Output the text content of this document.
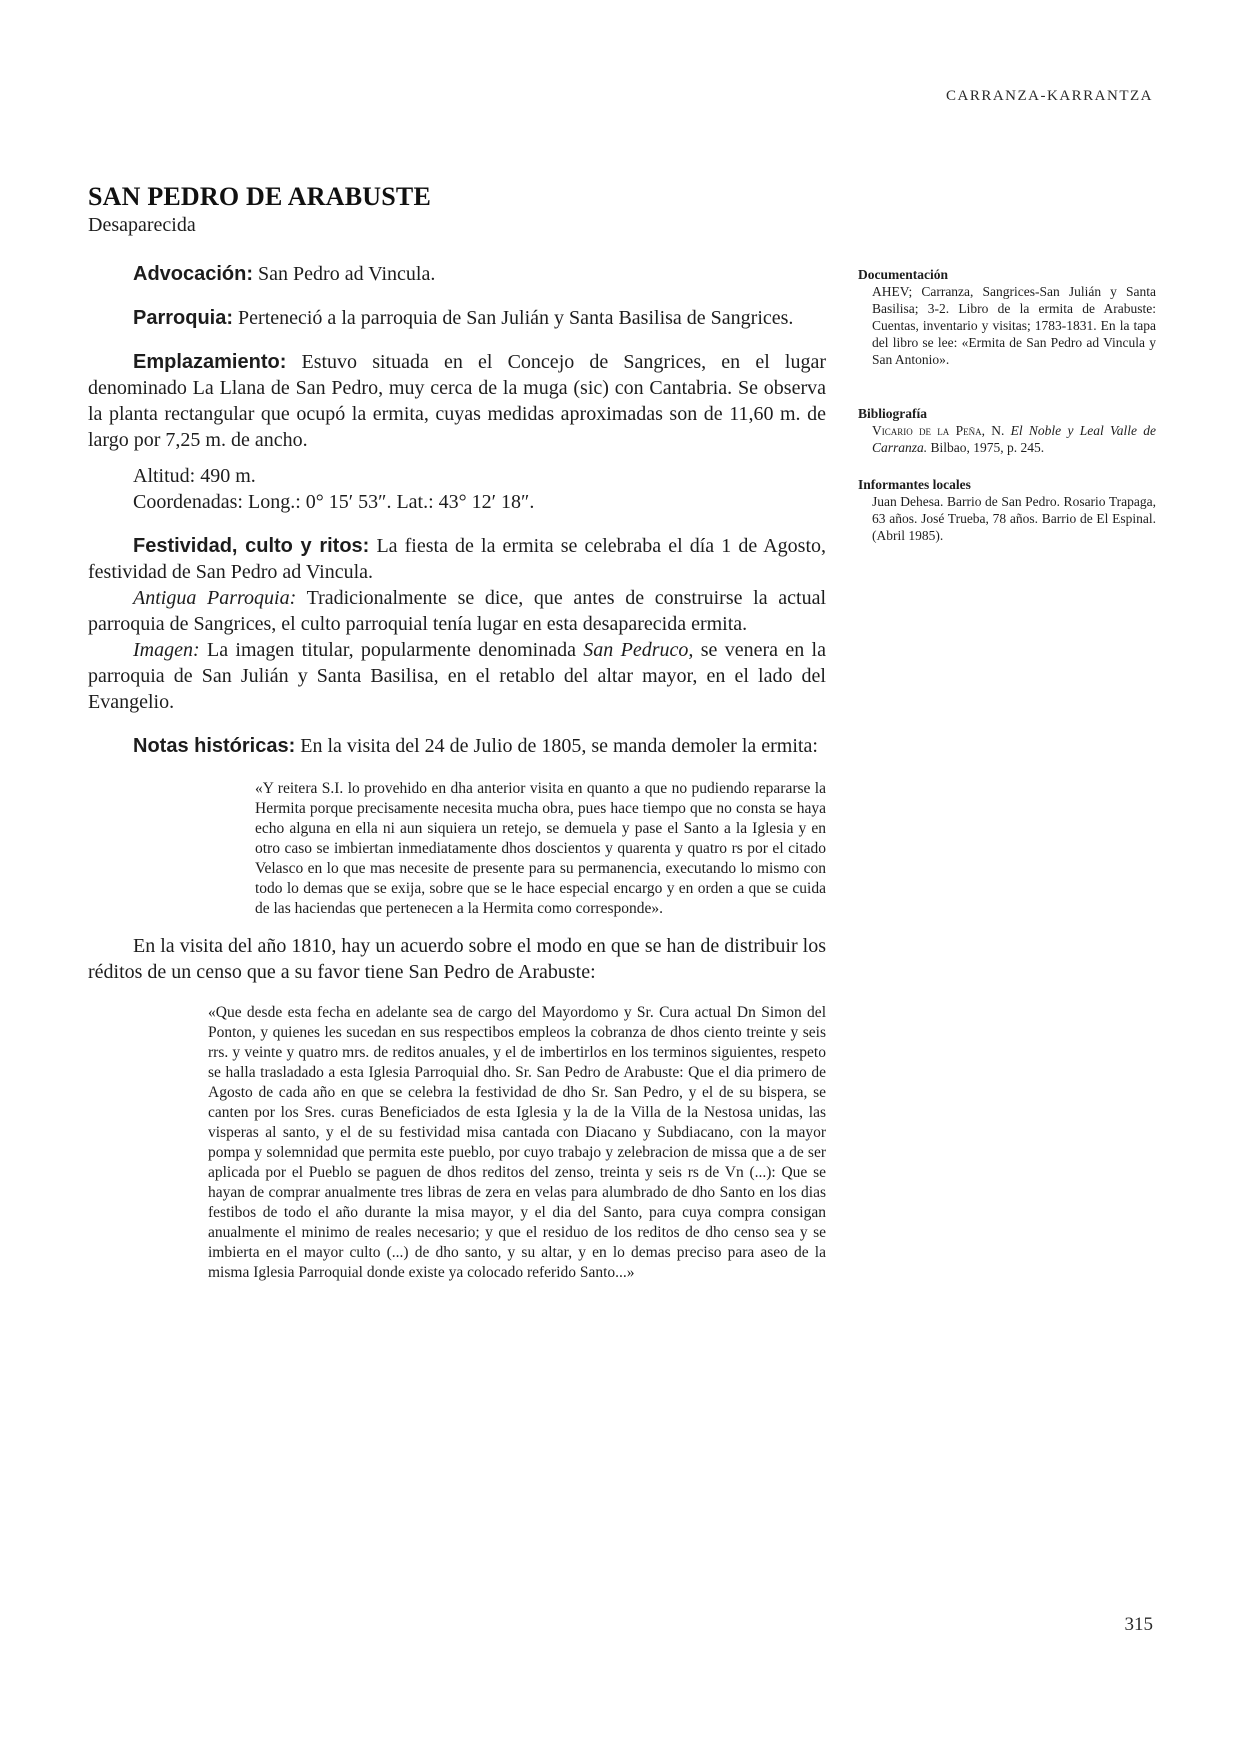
CARRANZA-KARRANTZA
SAN PEDRO DE ARABUSTE
Desaparecida

Advocación: San Pedro ad Vincula.

Parroquia: Perteneció a la parroquia de San Julián y Santa Basilisa de Sangrices.

Emplazamiento: Estuvo situada en el Concejo de Sangrices, en el lugar denominado La Llana de San Pedro, muy cerca de la muga (sic) con Cantabria. Se observa la planta rectangular que ocupó la ermita, cuyas medidas aproximadas son de 11,60 m. de largo por 7,25 m. de ancho.

Altitud: 490 m.
Coordenadas: Long.: 0° 15′ 53″. Lat.: 43° 12′ 18″.

Festividad, culto y ritos: La fiesta de la ermita se celebraba el día 1 de Agosto, festividad de San Pedro ad Vincula.

Antigua Parroquia: Tradicionalmente se dice, que antes de construirse la actual parroquia de Sangrices, el culto parroquial tenía lugar en esta desaparecida ermita.

Imagen: La imagen titular, popularmente denominada San Pedruco, se venera en la parroquia de San Julián y Santa Basilisa, en el retablo del altar mayor, en el lado del Evangelio.

Notas históricas: En la visita del 24 de Julio de 1805, se manda demoler la ermita:

«Y reitera S.I. lo provehido en dha anterior visita en quanto a que no pudiendo repararse la Hermita porque precisamente necesita mucha obra, pues hace tiempo que no consta se haya echo alguna en ella ni aun siquiera un retejo, se demuela y pase el Santo a la Iglesia y en otro caso se imbiertan inmediatamente dhos doscientos y quarenta y quatro rs por el citado Velasco en lo que mas necesite de presente para su permanencia, executando lo mismo con todo lo demas que se exija, sobre que se le hace especial encargo y en orden a que se cuida de las haciendas que pertenecen a la Hermita como corresponde».

En la visita del año 1810, hay un acuerdo sobre el modo en que se han de distribuir los réditos de un censo que a su favor tiene San Pedro de Arabuste:

«Que desde esta fecha en adelante sea de cargo del Mayordomo y Sr. Cura actual Dn Simon del Ponton, y quienes les sucedan en sus respectibos empleos la cobranza de dhos ciento treinte y seis rrs. y veinte y quatro mrs. de reditos anuales, y el de imbertirlos en los terminos siguientes, respeto se halla trasladado a esta Iglesia Parroquial dho. Sr. San Pedro de Arabuste: Que el dia primero de Agosto de cada año en que se celebra la festividad de dho Sr. San Pedro, y el de su bispera, se canten por los Sres. curas Beneficiados de esta Iglesia y la de la Villa de la Nestosa unidas, las visperas al santo, y el de su festividad misa cantada con Diacano y Subdiacano, con la mayor pompa y solemnidad que permita este pueblo, por cuyo trabajo y zelebracion de missa que a de ser aplicada por el Pueblo se paguen de dhos reditos del zenso, treinta y seis rs de Vn (...): Que se hayan de comprar anualmente tres libras de zera en velas para alumbrado de dho Santo en los dias festibos de todo el año durante la misa mayor, y el dia del Santo, para cuya compra consigan anualmente el minimo de reales necesario; y que el residuo de los reditos de dho censo sea y se imbierta en el mayor culto (...) de dho santo, y su altar, y en lo demas preciso para aseo de la misma Iglesia Parroquial donde existe ya colocado referido Santo...»

Documentación
AHEV; Carranza, Sangrices-San Julián y Santa Basilisa; 3-2. Libro de la ermita de Arabuste: Cuentas, inventario y visitas; 1783-1831. En la tapa del libro se lee: «Ermita de San Pedro ad Vincula y San Antonio».
Bibliografía
Vicario de la Peña, N. El Noble y Leal Valle de Carranza. Bilbao, 1975, p. 245.
Informantes locales
Juan Dehesa. Barrio de San Pedro. Rosario Trapaga, 63 años. José Trueba, 78 años. Barrio de El Espinal. (Abril 1985).
315
